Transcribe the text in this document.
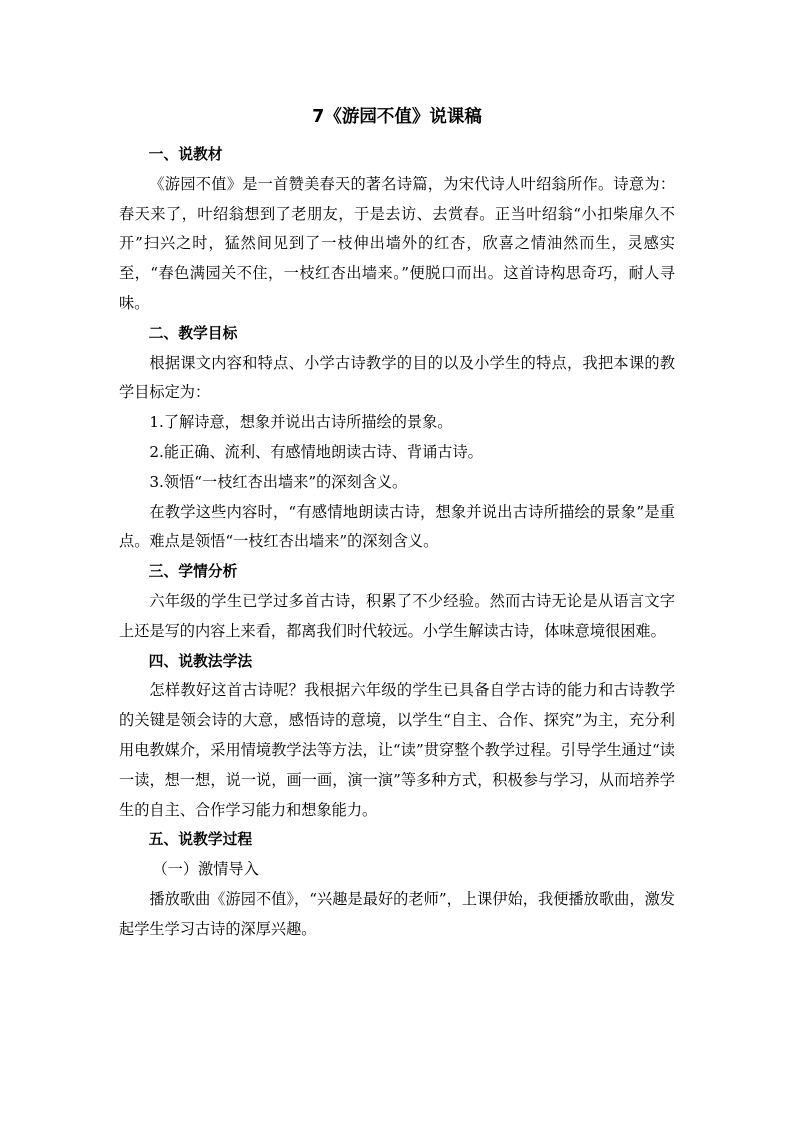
7《游园不值》说课稿

一、说教材

《游园不值》是一首赞美春天的著名诗篇，为宋代诗人叶绍翁所作。诗意为：春天来了，叶绍翁想到了老朋友，于是去访、去赏春。正当叶绍翁“小扣柴扉久不开”扫兴之时，猛然间见到了一枝伸出墙外的红杏，欣喜之情油然而生，灵感实至，“春色满园关不住，一枝红杏出墙来。”便脱口而出。这首诗构思奇巧，耐人寻味。

二、教学目标

根据课文内容和特点、小学古诗教学的目的以及小学生的特点，我把本课的教学目标定为：

1.了解诗意，想象并说出古诗所描绘的景象。

2.能正确、流利、有感情地朗读古诗、背诵古诗。

3.领悟“一枝红杏出墙来”的深刻含义。

在教学这些内容时，“有感情地朗读古诗，想象并说出古诗所描绘的景象”是重点。难点是领悟“一枝红杏出墙来”的深刻含义。

三、学情分析

六年级的学生已学过多首古诗，积累了不少经验。然而古诗无论是从语言文字上还是写的内容上来看，都离我们时代较远。小学生解读古诗，体味意境很困难。

四、说教法学法

怎样教好这首古诗呢？我根据六年级的学生已具备自学古诗的能力和古诗教学的关键是领会诗的大意，感悟诗的意境，以学生“自主、合作、探究”为主，充分利用电教媒介，采用情境教学法等方法，让“读”贯穿整个教学过程。引导学生通过“读一读，想一想，说一说，画一画，演一演”等多种方式，积极参与学习，从而培养学生的自主、合作学习能力和想象能力。

五、说教学过程

（一）激情导入

播放歌曲《游园不值》，“兴趣是最好的老师”，上课伊始，我便播放歌曲，激发起学生学习古诗的深厚兴趣。
